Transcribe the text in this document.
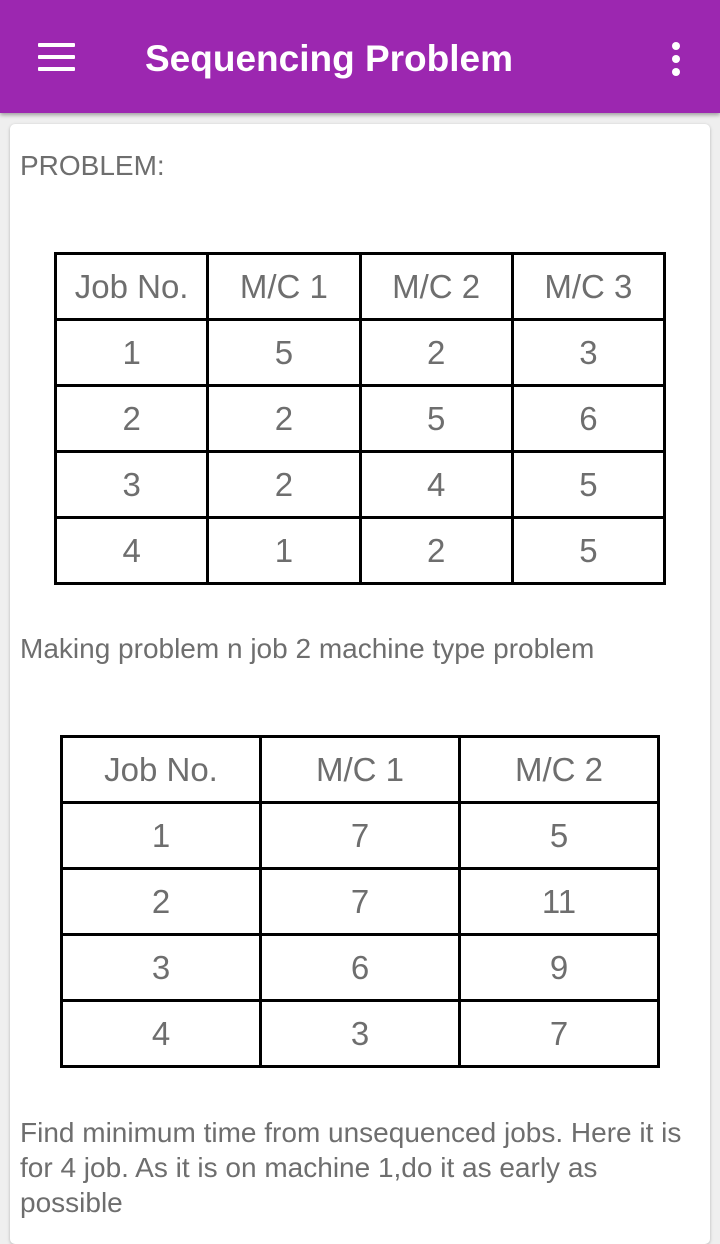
Sequencing Problem
PROBLEM:
Job No.	M/C 1	M/C 2	M/C 3
1	5	2	3
2	2	5	6
3	2	4	5
4	1	2	5
Making problem n job 2 machine type problem
Job No.	M/C 1	M/C 2
1	7	5
2	7	11
3	6	9
4	3	7
Find minimum time from unsequenced jobs. Here it is for 4 job. As it is on machine 1,do it as early as possible
